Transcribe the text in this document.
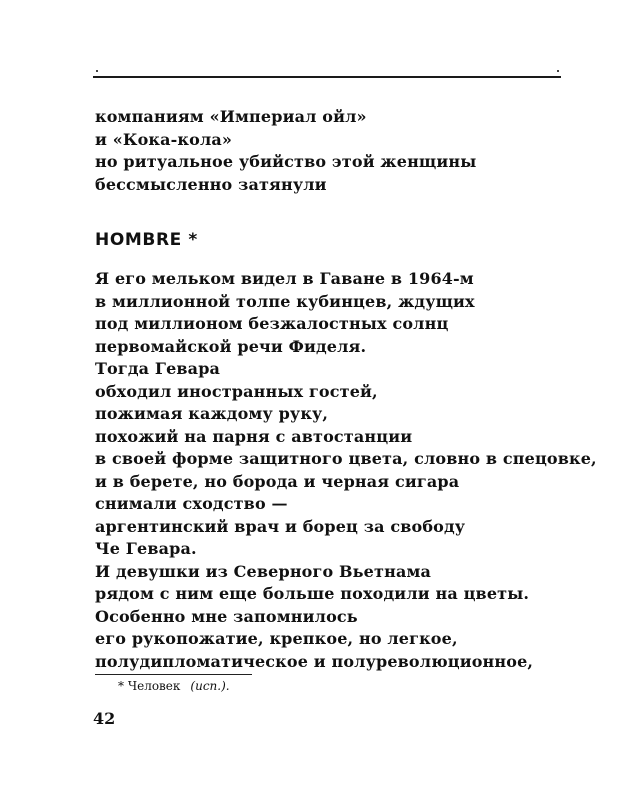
компаниям «Империал ойл»
и «Кока-кола»
но ритуальное убийство этой женщины
бессмысленно затянули
HOMBRE *
Я его мельком видел в Гаване в 1964-м
в миллионной толпе кубинцев, ждущих
под миллионом безжалостных солнц
первомайской речи Фиделя.
Тогда Гевара
обходил иностранных гостей,
пожимая каждому руку,
похожий на парня с автостанции
в своей форме защитного цвета, словно в спецовке,
и в берете, но борода и черная сигара
снимали сходство —
аргентинский врач и борец за свободу
Че Гевара.
И девушки из Северного Вьетнама
рядом с ним еще больше походили на цветы.
Особенно мне запомнилось
его рукопожатие, крепкое, но легкое,
полудипломатическое и полуреволюционное,
* Человек (исп.).
42
